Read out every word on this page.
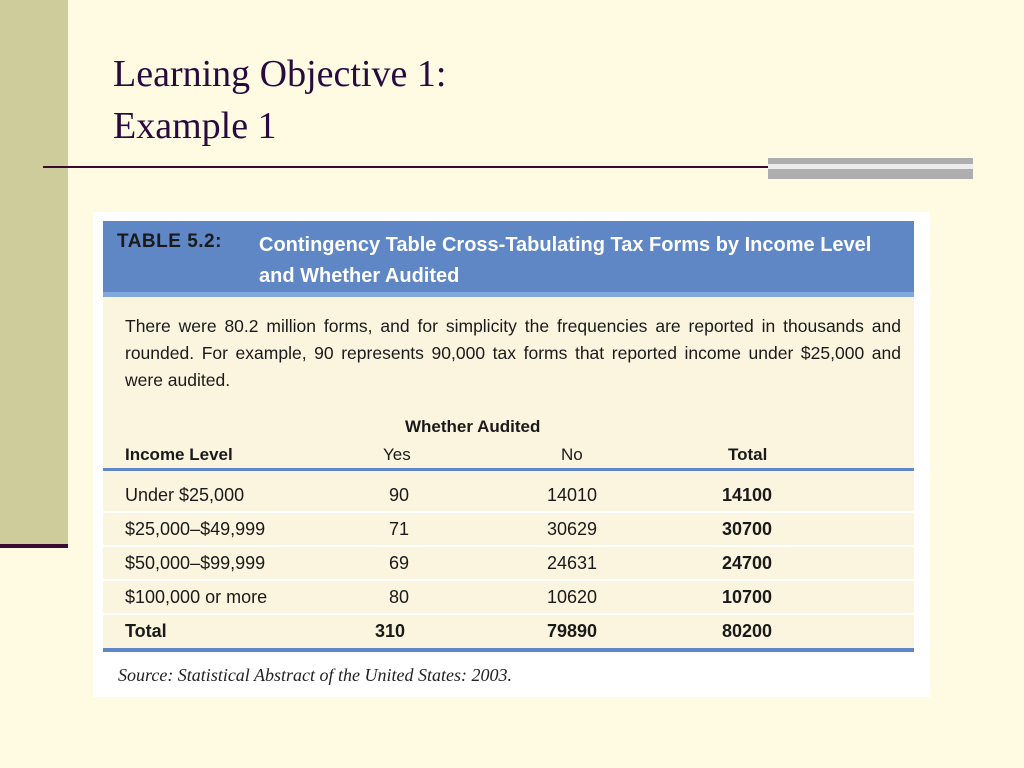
Learning Objective 1:
Example 1
TABLE 5.2: Contingency Table Cross-Tabulating Tax Forms by Income Level and Whether Audited

There were 80.2 million forms, and for simplicity the frequencies are reported in thousands and rounded. For example, 90 represents 90,000 tax forms that reported income under $25,000 and were audited.

Whether Audited
Income Level	Yes	No	Total
Under $25,000	90	14010	14100
$25,000–$49,999	71	30629	30700
$50,000–$99,999	69	24631	24700
$100,000 or more	80	10620	10700
Total	310	79890	80200
Source: Statistical Abstract of the United States: 2003.
